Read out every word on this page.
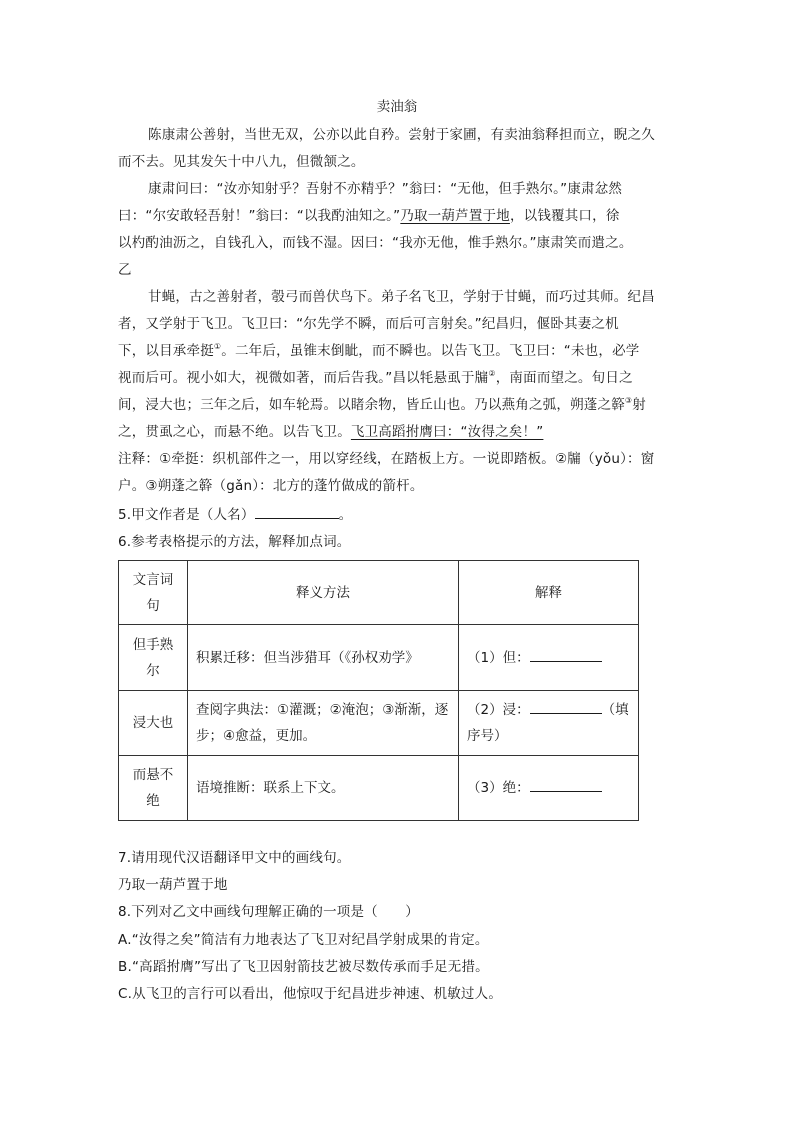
卖油翁
陈康肃公善射，当世无双，公亦以此自矜。尝射于家圃，有卖油翁释担而立，睨之久
而不去。见其发矢十中八九，但微颔之。
康肃问曰：“汝亦知射乎？吾射不亦精乎？”翁曰：“无他，但手熟尔。”康肃忿然
曰：“尔安敢轻吾射！”翁曰：“以我酌油知之。”乃取一葫芦置于地，以钱覆其口，徐
以杓酌油沥之，自钱孔入，而钱不湿。因曰：“我亦无他，惟手熟尔。”康肃笑而遣之。
乙
甘蝇，古之善射者，彀弓而兽伏鸟下。弟子名飞卫，学射于甘蝇，而巧过其师。纪昌
者，又学射于飞卫。飞卫曰：“尔先学不瞬，而后可言射矣。”纪昌归，偃卧其妻之机
下，以目承牵挺①。二年后，虽锥末倒眦，而不瞬也。以告飞卫。飞卫曰：“未也，必学
视而后可。视小如大，视微如著，而后告我。”昌以牦悬虱于牖②，南面而望之。旬日之
间，浸大也；三年之后，如车轮焉。以睹余物，皆丘山也。乃以燕角之弧，朔蓬之簳③射
之，贯虱之心，而悬不绝。以告飞卫。飞卫高蹈拊膺曰：“汝得之矣！”
注释：①牵挺：织机部件之一，用以穿经线，在踏板上方。一说即踏板。②牖（yǒu）：窗
户。③朔蓬之簳（gǎn）：北方的蓬竹做成的箭杆。
5.甲文作者是（人名）	。
6.参考表格提示的方法，解释加点词。
文言词句	释义方法	解释
但手熟尔	积累迁移：但当涉猎耳（《孙权劝学》	（1）但：
浸大也	查阅字典法：①灌溉；②淹泡；③渐渐，逐步；④愈益，更加。	（2）浸： （填序号）
而悬不绝	语境推断：联系上下文。	（3）绝：
7.请用现代汉语翻译甲文中的画线句。
乃取一葫芦置于地
8.下列对乙文中画线句理解正确的一项是（　　）
A.“汝得之矣”简洁有力地表达了飞卫对纪昌学射成果的肯定。
B.“高蹈拊膺”写出了飞卫因射箭技艺被尽数传承而手足无措。
C.从飞卫的言行可以看出，他惊叹于纪昌进步神速、机敏过人。
